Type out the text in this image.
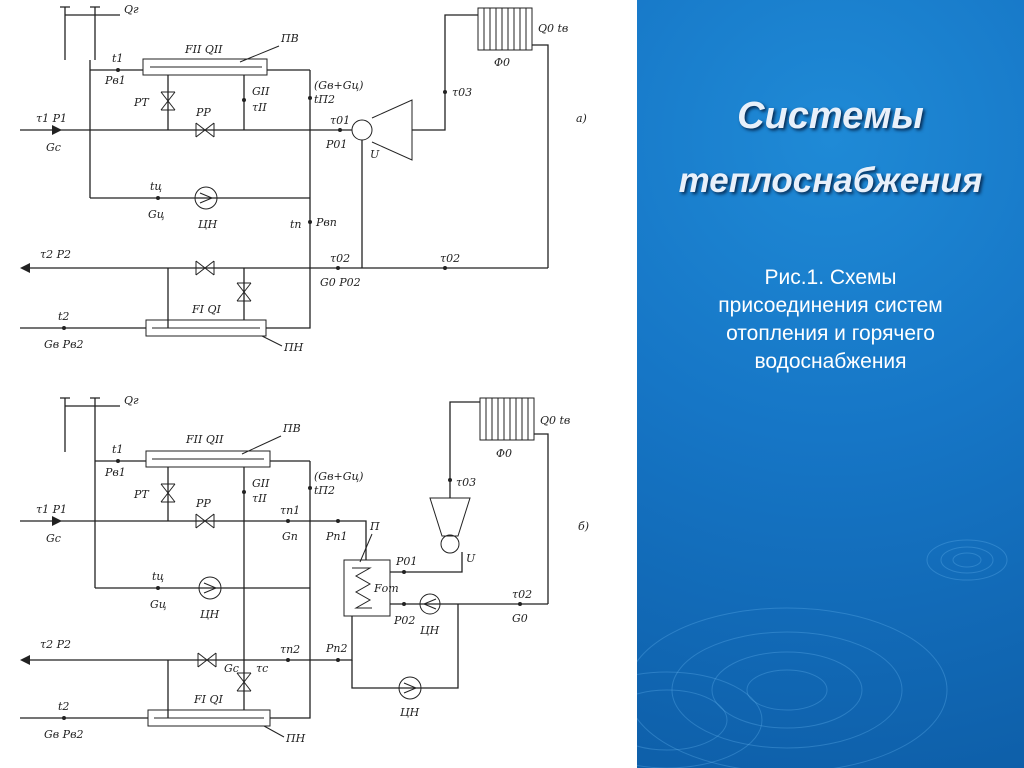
Qг
FII QII
ПВ
t1
Pв1
РТ
GII
τII
τ1 P1
Gc
РР
(Gв+Gц)
tП2
τ01
P01
U
τ03
Q0 tв
Φ0
а)
tц
Gц
ЦН	tп Pвп
τ2 P2	τ02
G0 P02
τ02
FI QI
t2
Gв Pв2	ПН
Qг
FII QII
ПВ
t1
Pв1
РТ
GII
τII
τ1 P1
Gc
РР
(Gв+Gц)
tП2
τп1
Gп	Pп1
П
Fот
P01	U
τ03
Q0 tв
Φ0
б)
tц
Gц
ЦН	P02
ЦН
τ02
G0
τ2 P2
Gc τc
τп2 Pп2
FI QI
t2
Gв Pв2	ПН
ЦН
Системы
теплоснабжения
Рис.1. Схемы
присоединения систем
отопления и горячего
водоснабжения
